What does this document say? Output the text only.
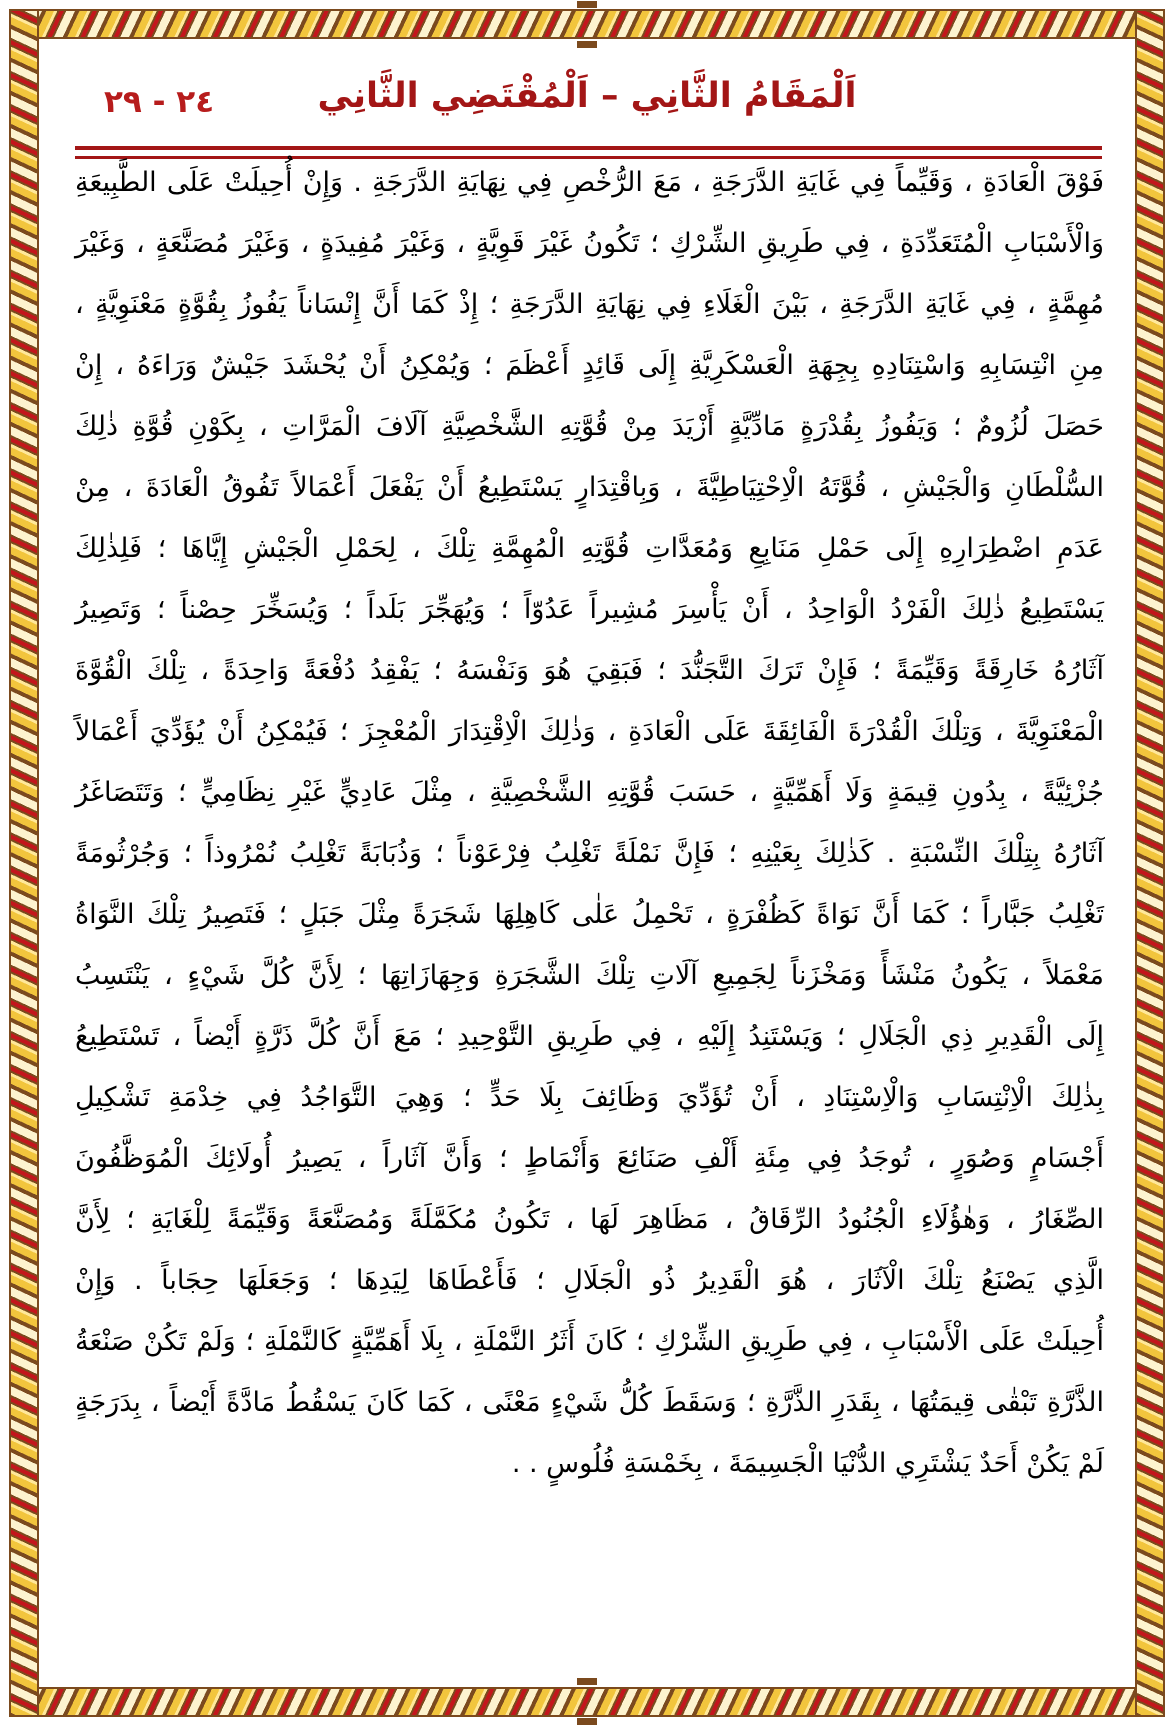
٢٤ - ٢٩	اَلْمَقَامُ الثَّانِي – اَلْمُقْتَضِي الثَّانِي
فَوْقَ الْعَادَةِ ، وَقَيِّماً فِي غَايَةِ الدَّرَجَةِ ، مَعَ الرُّخْصِ فِي نِهَايَةِ الدَّرَجَةِ . وَإِنْ أُحِيلَتْ عَلَى الطَّبِيعَةِ
وَالْأَسْبَابِ الْمُتَعَدِّدَةِ ، فِي طَرِيقِ الشِّرْكِ ؛ تَكُونُ غَيْرَ قَوِيَّةٍ ، وَغَيْرَ مُفِيدَةٍ ، وَغَيْرَ مُصَنَّعَةٍ ، وَغَيْرَ
مُهِمَّةٍ ، فِي غَايَةِ الدَّرَجَةِ ، بَيْنَ الْغَلَاءِ فِي نِهَايَةِ الدَّرَجَةِ ؛ إِذْ كَمَا أَنَّ إِنْسَاناً يَفُوزُ بِقُوَّةٍ مَعْنَوِيَّةٍ ،
مِنِ انْتِسَابِهِ وَاسْتِنَادِهِ بِجِهَةِ الْعَسْكَرِيَّةِ إِلَى قَائِدٍ أَعْظَمَ ؛ وَيُمْكِنُ أَنْ يُحْشَدَ جَيْشٌ وَرَاءَهُ ، إِنْ
حَصَلَ لُزُومٌ ؛ وَيَفُوزُ بِقُدْرَةٍ مَادِّيَّةٍ أَزْيَدَ مِنْ قُوَّتِهِ الشَّخْصِيَّةِ آلَافَ الْمَرَّاتِ ، بِكَوْنِ قُوَّةِ ذٰلِكَ
السُّلْطَانِ وَالْجَيْشِ ، قُوَّتَهُ الْاِحْتِيَاطِيَّةَ ، وَبِاقْتِدَارٍ يَسْتَطِيعُ أَنْ يَفْعَلَ أَعْمَالاً تَفُوقُ الْعَادَةَ ، مِنْ
عَدَمِ اضْطِرَارِهِ إِلَى حَمْلِ مَنَابِعِ وَمُعَدَّاتِ قُوَّتِهِ الْمُهِمَّةِ تِلْكَ ، لِحَمْلِ الْجَيْشِ إِيَّاهَا ؛ فَلِذٰلِكَ
يَسْتَطِيعُ ذٰلِكَ الْفَرْدُ الْوَاحِدُ ، أَنْ يَأْسِرَ مُشِيراً عَدُوّاً ؛ وَيُهَجِّرَ بَلَداً ؛ وَيُسَخِّرَ حِصْناً ؛ وَتَصِيرُ
آثَارُهُ خَارِقَةً وَقَيِّمَةً ؛ فَإِنْ تَرَكَ التَّجَنُّدَ ؛ فَبَقِيَ هُوَ وَنَفْسَهُ ؛ يَفْقِدُ دُفْعَةً وَاحِدَةً ، تِلْكَ الْقُوَّةَ
الْمَعْنَوِيَّةَ ، وَتِلْكَ الْقُدْرَةَ الْفَائِقَةَ عَلَى الْعَادَةِ ، وَذٰلِكَ الْاِقْتِدَارَ الْمُعْجِزَ ؛ فَيُمْكِنُ أَنْ يُؤَدِّيَ أَعْمَالاً
جُزْئِيَّةً ، بِدُونِ قِيمَةٍ وَلَا أَهَمِّيَّةٍ ، حَسَبَ قُوَّتِهِ الشَّخْصِيَّةِ ، مِثْلَ عَادِيٍّ غَيْرِ نِظَامِيٍّ ؛ وَتَتَصَاغَرُ
آثَارُهُ بِتِلْكَ النِّسْبَةِ . كَذٰلِكَ بِعَيْنِهِ ؛ فَإِنَّ نَمْلَةً تَغْلِبُ فِرْعَوْناً ؛ وَذُبَابَةً تَغْلِبُ نُمْرُوذاً ؛ وَجُرْثُومَةً
تَغْلِبُ جَبَّاراً ؛ كَمَا أَنَّ نَوَاةً كَظُفْرَةٍ ، تَحْمِلُ عَلٰى كَاهِلِهَا شَجَرَةً مِثْلَ جَبَلٍ ؛ فَتَصِيرُ تِلْكَ النَّوَاةُ
مَعْمَلاً ، يَكُونُ مَنْشَأً وَمَخْزَناً لِجَمِيعِ آلَاتِ تِلْكَ الشَّجَرَةِ وَجِهَازَاتِهَا ؛ لِأَنَّ كُلَّ شَيْءٍ ، يَنْتَسِبُ
إِلَى الْقَدِيرِ ذِي الْجَلَالِ ؛ وَيَسْتَنِدُ إِلَيْهِ ، فِي طَرِيقِ التَّوْحِيدِ ؛ مَعَ أَنَّ كُلَّ ذَرَّةٍ أَيْضاً ، تَسْتَطِيعُ
بِذٰلِكَ الْاِنْتِسَابِ وَالْاِسْتِنَادِ ، أَنْ تُؤَدِّيَ وَظَائِفَ بِلَا حَدٍّ ؛ وَهِيَ التَّوَاجُدُ فِي خِدْمَةِ تَشْكِيلِ
أَجْسَامٍ وَصُوَرٍ ، تُوجَدُ فِي مِئَةِ أَلْفِ صَنَائِعَ وَأَنْمَاطٍ ؛ وَأَنَّ آثَاراً ، يَصِيرُ أُولَائِكَ الْمُوَظَّفُونَ
الصِّغَارُ ، وَهٰؤُلَاءِ الْجُنُودُ الرِّقَاقُ ، مَظَاهِرَ لَهَا ، تَكُونُ مُكَمَّلَةً وَمُصَنَّعَةً وَقَيِّمَةً لِلْغَايَةِ ؛ لِأَنَّ
الَّذِي يَصْنَعُ تِلْكَ الْآثَارَ ، هُوَ الْقَدِيرُ ذُو الْجَلَالِ ؛ فَأَعْطَاهَا لِيَدِهَا ؛ وَجَعَلَهَا حِجَاباً . وَإِنْ
أُحِيلَتْ عَلَى الْأَسْبَابِ ، فِي طَرِيقِ الشِّرْكِ ؛ كَانَ أَثَرُ النَّمْلَةِ ، بِلَا أَهَمِّيَّةٍ كَالنَّمْلَةِ ؛ وَلَمْ تَكُنْ صَنْعَةُ
الذَّرَّةِ تَبْقٰى قِيمَتُهَا ، بِقَدَرِ الذَّرَّةِ ؛ وَسَقَطَ كُلُّ شَيْءٍ مَعْنًى ، كَمَا كَانَ يَسْقُطُ مَادَّةً أَيْضاً ، بِدَرَجَةٍ
لَمْ يَكُنْ أَحَدٌ يَشْتَرِي الدُّنْيَا الْجَسِيمَةَ ، بِخَمْسَةِ فُلُوسٍ . .
